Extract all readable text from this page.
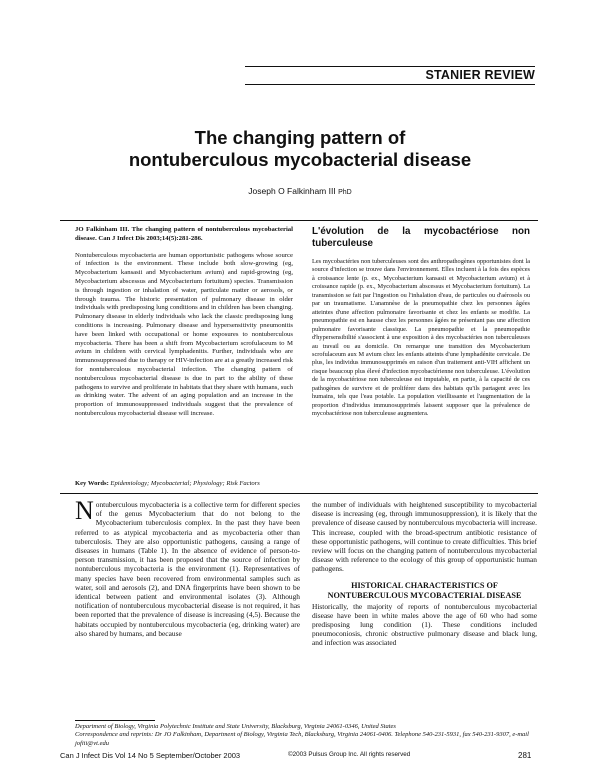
STANIER REVIEW
The changing pattern of
nontuberculous mycobacterial disease
Joseph O Falkinham III PhD
JO Falkinham III. The changing pattern of nontuberculous mycobacterial disease. Can J Infect Dis 2003;14(5):281-286.
Nontuberculous mycobacteria are human opportunistic pathogens whose source of infection is the environment. These include both slow-growing (eg, Mycobacterium kansasii and Mycobacterium avium) and rapid-growing (eg, Mycobacterium abscessus and Mycobacterium fortuitum) species. Transmission is through ingestion or inhalation of water, particulate matter or aerosols, or through trauma. The historic presentation of pulmonary disease in older individuals with predisposing lung conditions and in children has been changing. Pulmonary disease in elderly individuals who lack the classic predisposing lung conditions is increasing. Pulmonary disease and hypersensitivity pneumonitis have been linked with occupational or home exposures to nontuberculous mycobacteria. There has been a shift from Mycobacterium scrofulaceum to M avium in children with cervical lymphadenitis. Further, individuals who are immunosuppressed due to therapy or HIV-infection are at a greatly increased risk for nontuberculous mycobacterial infection. The changing pattern of nontuberculous mycobacterial disease is due in part to the ability of these pathogens to survive and proliferate in habitats that they share with humans, such as drinking water. The advent of an aging population and an increase in the proportion of immunosuppressed individuals suggest that the prevalence of nontuberculous mycobacterial disease will increase.
L'évolution de la mycobactériose non tuberculeuse
Les mycobactéries non tuberculeuses sont des anthropathogènes opportunistes dont la source d'infection se trouve dans l'environnement. Elles incluent à la fois des espèces à croissance lente (p. ex., Mycobacterium kansasii et Mycobacterium avium) et à croissance rapide (p. ex., Mycobacterium abscessus et Mycobacterium fortuitum). La transmission se fait par l'ingestion ou l'inhalation d'eau, de particules ou d'aérosols ou par un traumatisme. L'anamnèse de la pneumopathie chez les personnes âgées atteintes d'une affection pulmonaire favorisante et chez les enfants se modifie. La pneumopathie est en hausse chez les personnes âgées ne présentant pas une affection pulmonaire favorisante classique. La pneumopathie et la pneumopathie d'hypersensibilité s'associent à une exposition à des mycobactéries non tuberculeuses au travail ou au domicile. On remarque une transition des Mycobacterium scrofulaceum aux M avium chez les enfants atteints d'une lymphadénite cervicale. De plus, les individus immunosupprimés en raison d'un traitement anti-VIH affichent un risque beaucoup plus élevé d'infection mycobactérienne non tuberculeuse. L'évolution de la mycobactériose non tuberculeuse est imputable, en partie, à la capacité de ces pathogènes de survivre et de proliférer dans des habitats qu'ils partagent avec les humains, tels que l'eau potable. La population vieillissante et l'augmentation de la proportion d'individus immunosupprimés laissent supposer que la prévalence de mycobactériose non tuberculeuse augmentera.
Key Words: Epidemiology; Mycobacterial; Physiology; Risk Factors
Nontuberculous mycobacteria is a collective term for different species of the genus Mycobacterium that do not belong to the Mycobacterium tuberculosis complex. In the past they have been referred to as atypical mycobacteria and as mycobacteria other than tuberculosis. They are also opportunistic pathogens, causing a range of diseases in humans (Table 1). In the absence of evidence of person-to-person transmission, it has been proposed that the source of infection by nontuberculous mycobacteria is the environment (1). Representatives of many species have been recovered from environmental samples such as water, soil and aerosols (2), and DNA fingerprints have been shown to be identical between patient and environmental isolates (3). Although notification of nontuberculous mycobacterial disease is not required, it has been reported that the prevalence of disease is increasing (4,5). Because the habitats occupied by nontuberculous mycobacteria (eg, drinking water) are also shared by humans, and because
the number of individuals with heightened susceptibility to mycobacterial disease is increasing (eg, through immunosuppression), it is likely that the prevalence of disease caused by nontuberculous mycobacteria will increase. This increase, coupled with the broad-spectrum antibiotic resistance of these opportunistic pathogens, will continue to create difficulties. This brief review will focus on the changing pattern of nontuberculous mycobacterial disease with reference to the ecology of this group of opportunistic human pathogens.
HISTORICAL CHARACTERISTICS OF
NONTUBERCULOUS MYCOBACTERIAL DISEASE
Historically, the majority of reports of nontuberculous mycobacterial disease have been in white males above the age of 60 who had some predisposing lung condition (1). These conditions included pneumoconiosis, chronic obstructive pulmonary disease and black lung, and infection was associated
Department of Biology, Virginia Polytechnic Institute and State University, Blacksburg, Virginia 24061-0346, United States
Correspondence and reprints: Dr JO Falkinham, Department of Biology, Virginia Tech, Blacksburg, Virginia 24061-0406. Telephone 540-231-5931, fax 540-231-9307, e-mail jofiii@vt.edu
Can J Infect Dis Vol 14 No 5 September/October 2003	©2003 Pulsus Group Inc. All rights reserved	281
